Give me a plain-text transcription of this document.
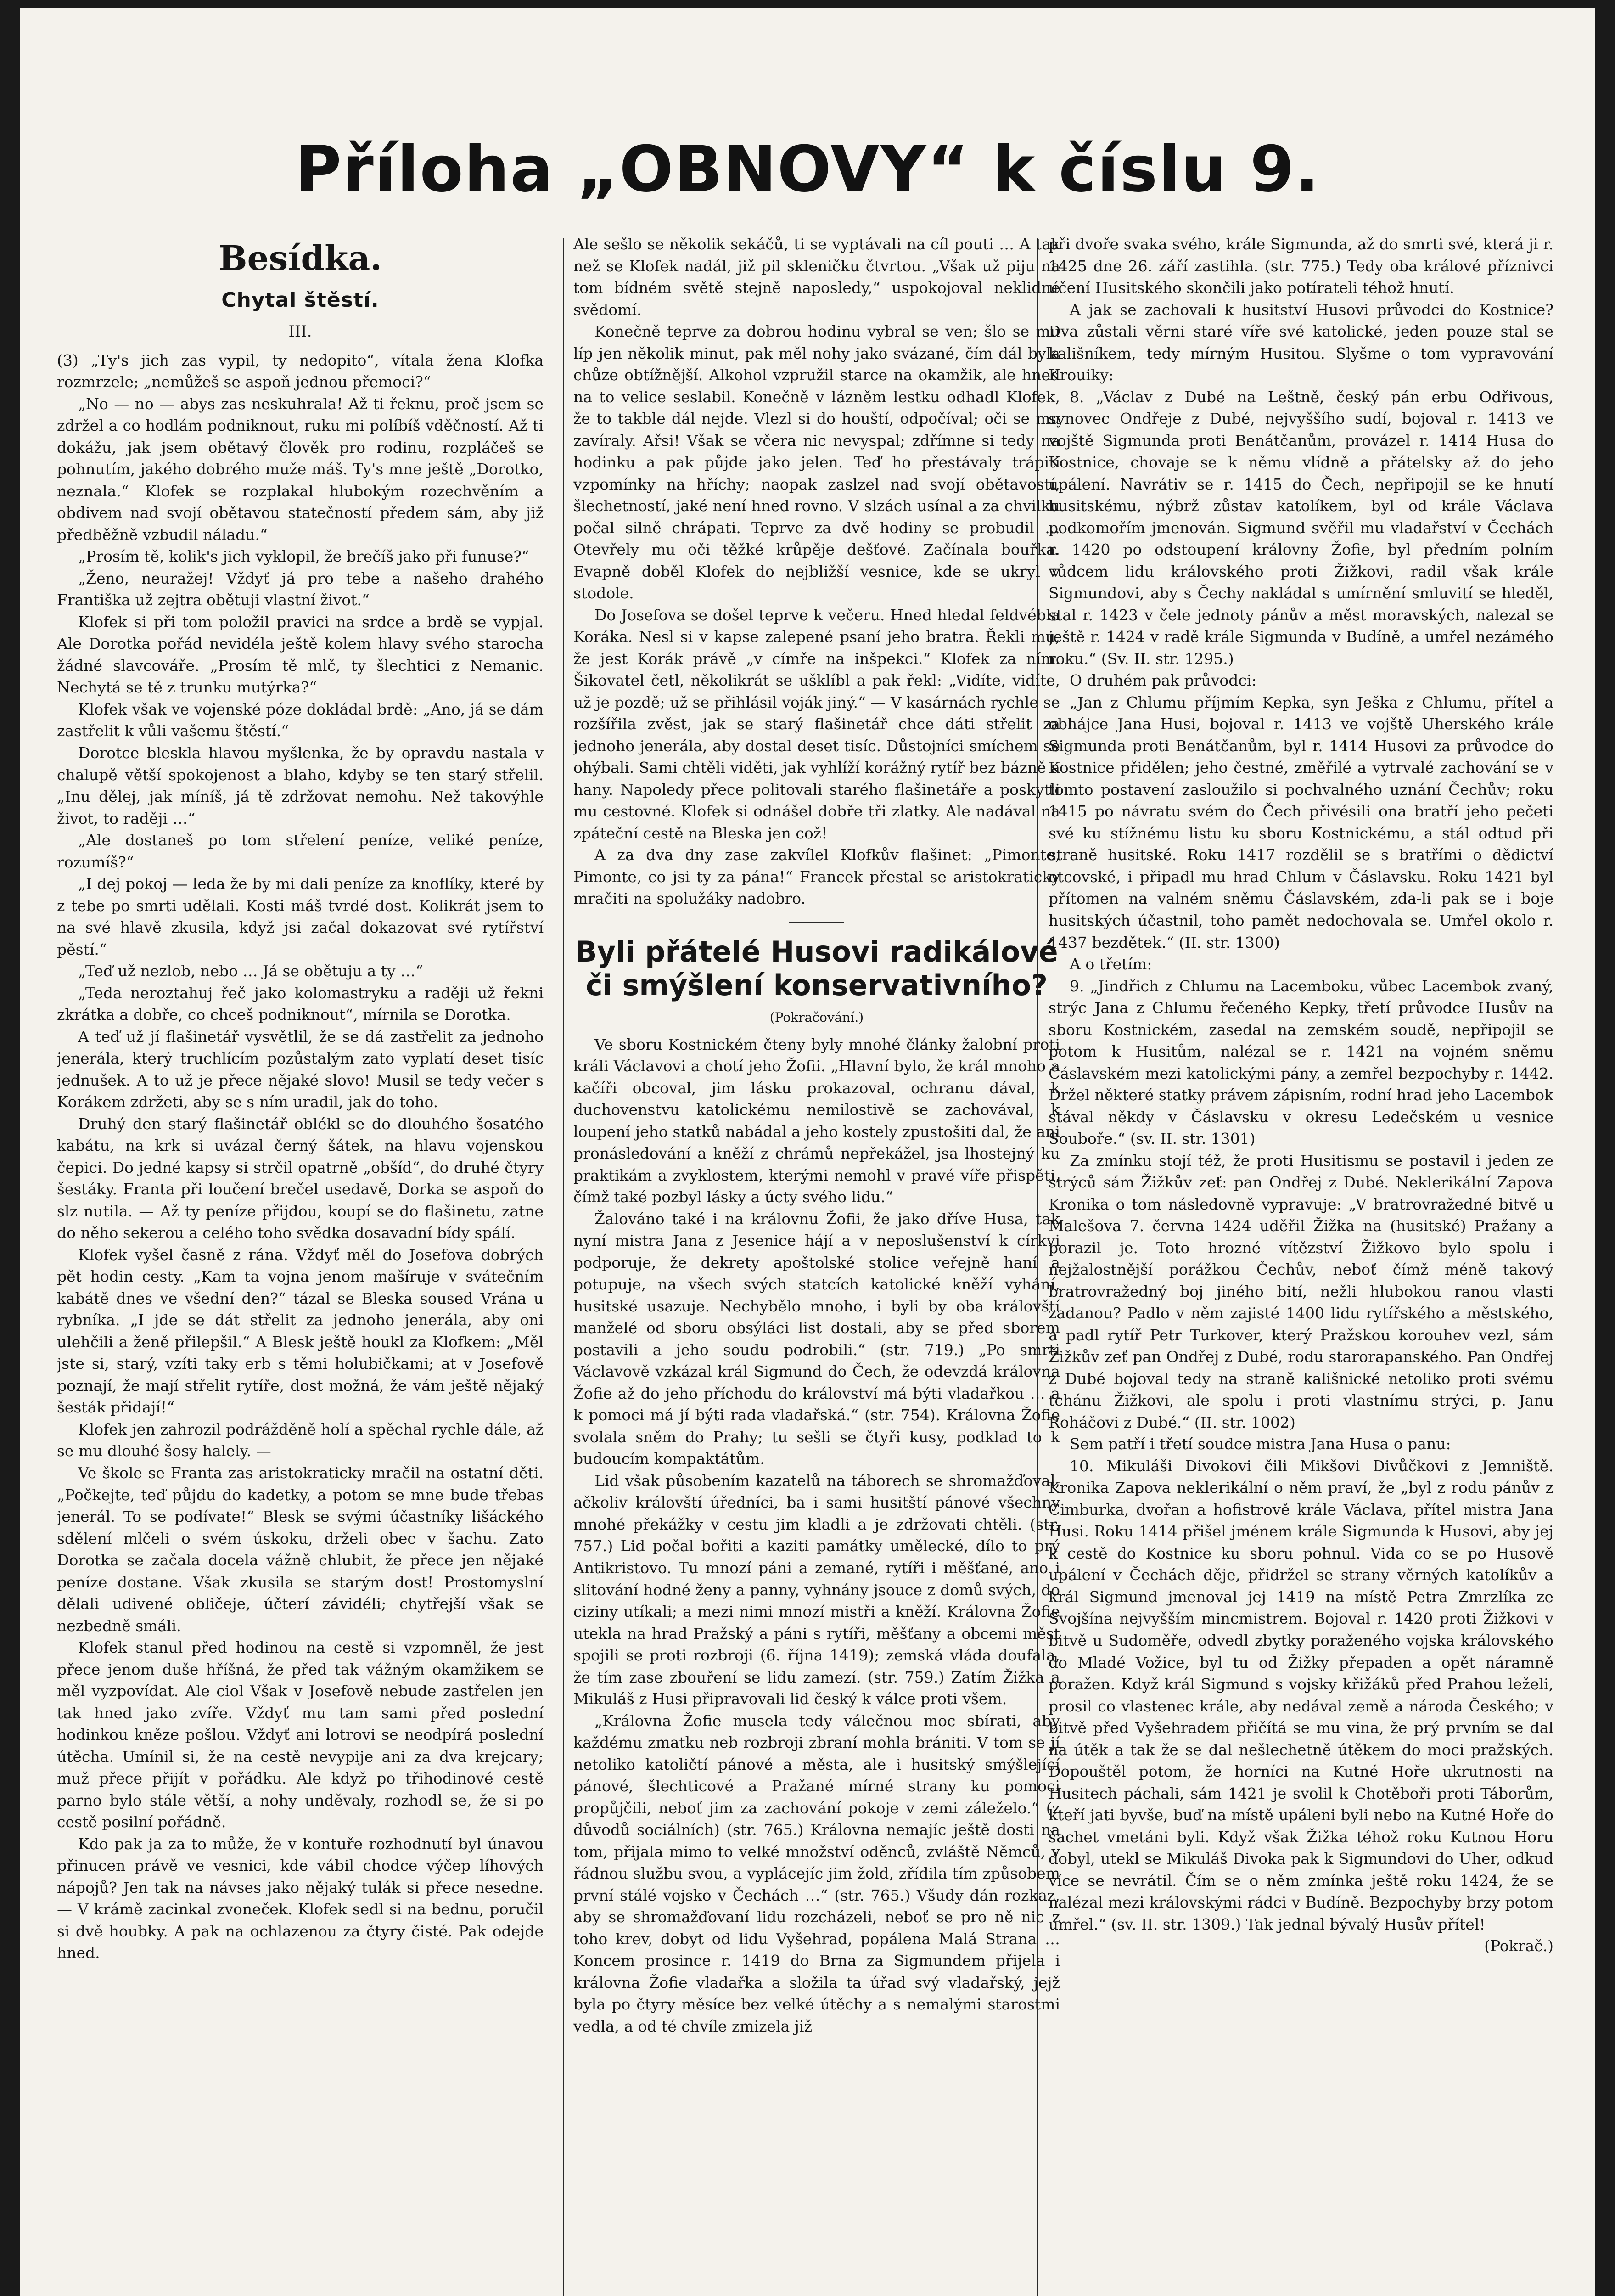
Příloha „OBNOVY“ k číslu 9.
Besídka.
Chytal štěstí.
III.

(3) „Ty's jich zas vypil, ty nedopito“, vítala žena Klofka rozmrzele; „nemůžeš se aspoň jednou přemoci?“

„No — no — abys zas neskuhrala! Až ti řeknu, proč jsem se zdržel a co hodlám podniknout, ruku mi políbíš vděčností. Až ti dokážu, jak jsem obětavý člověk pro rodinu, rozpláčeš se pohnutím, jakého dobrého muže máš. Ty's mne ještě „Dorotko, neznala.“ Klofek se rozplakal hlubokým rozechvěním a obdivem nad svojí obětavou statečností předem sám, aby již předběžně vzbudil náladu.“

„Prosím tě, kolik's jich vyklopil, že brečíš jako při funuse?“

„Ženo, neuražej! Vždyť já pro tebe a našeho drahého Františka už zejtra obětuji vlastní život.“

Klofek si při tom položil pravici na srdce a brdě se vypjal. Ale Dorotka pořád nevidéla ještě kolem hlavy svého starocha žádné slavcováře. „Prosím tě mlč, ty šlechtici z Nemanic. Nechytá se tě z trunku mutýrka?“

Klofek však ve vojenské póze dokládal brdě: „Ano, já se dám zastřelit k vůli vašemu štěstí.“

Dorotce bleskla hlavou myšlenka, že by opravdu nastala v chalupě větší spokojenost a blaho, kdyby se ten starý střelil. „Inu dělej, jak míníš, já tě zdržovat nemohu. Než takovýhle život, to raději …“

„Ale dostaneš po tom střelení peníze, veliké peníze, rozumíš?“

„I dej pokoj — leda že by mi dali peníze za knoflíky, které by z tebe po smrti udělali. Kosti máš tvrdé dost. Kolikrát jsem to na své hlavě zkusila, když jsi začal dokazovat své rytířství pěstí.“

„Teď už nezlob, nebo … Já se obětuju a ty …“

„Teda neroztahuj řeč jako kolomastryku a raději už řekni zkrátka a dobře, co chceš podniknout“, mírnila se Dorotka.

A teď už jí flašinetář vysvětlil, že se dá zastřelit za jednoho jenerála, který truchlícím pozůstalým zato vyplatí deset tisíc jednušek. A to už je přece nějaké slovo! Musil se tedy večer s Korákem zdržeti, aby se s ním uradil, jak do toho.

Druhý den starý flašinetář oblékl se do dlouhého šosatého kabátu, na krk si uvázal černý šátek, na hlavu vojenskou čepici. Do jedné kapsy si strčil opatrně „obšíd“, do druhé čtyry šestáky. Franta při loučení brečel usedavě, Dorka se aspoň do slz nutila. — Až ty peníze přijdou, koupí se do flašinetu, zatne do něho sekerou a celého toho svědka dosavadní bídy spálí.

Klofek vyšel časně z rána. Vždyť měl do Josefova dobrých pět hodin cesty. „Kam ta vojna jenom mašíruje v svátečním kabátě dnes ve všední den?“ tázal se Bleska soused Vrána u rybníka. „I jde se dát střelit za jednoho jenerála, aby oni ulehčili a ženě přilepšil.“ A Blesk ještě houkl za Klofkem: „Měl jste si, starý, vzíti taky erb s těmi holubičkami; at v Josefově poznají, že mají střelit rytíře, dost možná, že vám ještě nějaký šesták přidají!“

Klofek jen zahrozil podrážděně holí a spěchal rychle dále, až se mu dlouhé šosy halely. —

Ve škole se Franta zas aristokraticky mračil na ostatní děti. „Počkejte, teď půjdu do kadetky, a potom se mne bude třebas jenerál. To se podívate!“ Blesk se svými účastníky lišáckého sdělení mlčeli o svém úskoku, drželi obec v šachu. Zato Dorotka se začala docela vážně chlubit, že přece jen nějaké peníze dostane. Však zkusila se starým dost! Prostomyslní dělali udivené obličeje, účterí závidéli; chytřejší však se nezbedně smáli.

Klofek stanul před hodinou na cestě si vzpomněl, že jest přece jenom duše hříšná, že před tak vážným okamžikem se měl vyzpovídat. Ale ciol Však v Josefově nebude zastřelen jen tak hned jako zvíře. Vždyť mu tam sami před poslední hodinkou kněze pošlou. Vždyť ani lotrovi se neodpírá poslední útěcha. Umínil si, že na cestě nevypije ani za dva krejcary; muž přece přijít v pořádku. Ale když po třihodinové cestě parno bylo stále větší, a nohy unděvaly, rozhodl se, že si po cestě posilní pořádně.

Kdo pak ja za to může, že v kontuře rozhodnutí byl únavou přinucen právě ve vesnici, kde vábil chodce výčep líhových nápojů? Jen tak na návses jako nějaký tulák si přece nesedne. — V krámě zacinkal zvoneček. Klofek sedl si na bednu, poručil si dvě houbky. A pak na ochlazenou za čtyry čisté. Pak odejde hned.

Ale sešlo se několik sekáčů, ti se vyptávali na cíl pouti … A tak než se Klofek nadál, již pil skleničku čtvrtou. „Však už piju na tom bídném světě stejně naposledy,“ uspokojoval neklidné svědomí.

Konečně teprve za dobrou hodinu vybral se ven; šlo se mu líp jen několik minut, pak měl nohy jako svázané, čím dál byla chůze obtížnější. Alkohol vzpružil starce na okamžik, ale hned na to velice seslabil. Konečně v lázněm lestku odhadl Klofek, že to takble dál nejde. Vlezl si do houští, odpočíval; oči se mu zavíraly. Ařsi! Však se včera nic nevyspal; zdřímne si tedy na hodinku a pak půjde jako jelen. Teď ho přestávaly trápiti vzpomínky na hříchy; naopak zaslzel nad svojí obětavostí, šlechetností, jaké není hned rovno. V slzách usínal a za chvilku počal silně chrápati. Teprve za dvě hodiny se probudil … Otevřely mu oči těžké krůpěje dešťové. Začínala bouřka. Evapně doběl Klofek do nejbližší vesnice, kde se ukryl v stodole.

Do Josefova se došel teprve k večeru. Hned hledal feldvébla Koráka. Nesl si v kapse zalepené psaní jeho bratra. Řekli mu, že jest Korák právě „v címře na inšpekci.“ Klofek za ním. Šikovatel četl, několikrát se ušklíbl a pak řekl: „Vidíte, vidíte, už je pozdě; už se přihlásil voják jiný.“ — V kasárnách rychle se rozšířila zvěst, jak se starý flašinetář chce dáti střelit za jednoho jenerála, aby dostal deset tisíc. Důstojníci smíchem se ohýbali. Sami chtěli viděti, jak vyhlíží korážný rytíř bez bázně a hany. Napoledy přece politovali starého flašinetáře a poskytli mu cestovné. Klofek si odnášel dobře tři zlatky. Ale nadával na zpáteční cestě na Bleska jen což!

A za dva dny zase zakvílel Klofkův flašinet: „Pimonte, Pimonte, co jsi ty za pána!“ Francek přestal se aristokraticky mračiti na spolužáky nadobro.

Byli přátelé Husovi radikálové či smýšlení konservativního?
(Pokračování.)

Ve sboru Kostnickém čteny byly mnohé články žalobní proti králi Václavovi a chotí jeho Žofii. „Hlavní bylo, že král mnoho a kačíři obcoval, jim lásku prokazoval, ochranu dával, k duchovenstvu katolickému nemilostivě se zachovával, k loupení jeho statků nabádal a jeho kostely zpustošiti dal, že ani pronásledování a kněží z chrámů nepřekážel, jsa lhostejný ku praktikám a zvyklostem, kterými nemohl v pravé víře přispěti, čímž také pozbyl lásky a úcty svého lidu.“

Žalováno také i na královnu Žofii, že jako dříve Husa, tak nyní mistra Jana z Jesenice hájí a v neposlušenství k církvi podporuje, že dekrety apoštolské stolice veřejně haní a potupuje, na všech svých statcích katolické kněží vyhání, husitské usazuje. Nechybělo mnoho, i byli by oba královští manželé od sboru obsýláci list dostali, aby se před sborem postavili a jeho soudu podrobili.“ (str. 719.) „Po smrti Václavově vzkázal král Sigmund do Čech, že odevzdá královna Žofie až do jeho příchodu do království má býti vladařkou … a k pomoci má jí býti rada vladařská.“ (str. 754). Královna Žofie svolala sněm do Prahy; tu sešli se čtyři kusy, podklad to k budoucím kompaktátům.

Lid však působením kazatelů na táborech se shromažďoval, ačkoliv královští úředníci, ba i sami husitští pánové všechny mnohé překážky v cestu jim kladli a je zdržovati chtěli. (str. 757.) Lid počal bořiti a kaziti památky umělecké, dílo to prý Antikristovo. Tu mnozí páni a zemané, rytíři i měšťané, ano i slitování hodné ženy a panny, vyhnány jsouce z domů svých, do ciziny utíkali; a mezi nimi mnozí mistři a kněží. Královna Žofie utekla na hrad Pražský a páni s rytíři, měšťany a obcemi měst spojili se proti rozbroji (6. října 1419); zemská vláda doufala, že tím zase zbouření se lidu zamezí. (str. 759.) Zatím Žižka a Mikuláš z Husi připravovali lid český k válce proti všem.

„Královna Žofie musela tedy válečnou moc sbírati, aby každému zmatku neb rozbroji zbraní mohla brániti. V tom se jí netoliko katoličtí pánové a města, ale i husitský smýšlející pánové, šlechticové a Pražané mírné strany ku pomoci propůjčili, neboť jim za zachování pokoje v zemi záleželo.“ (z důvodů sociálních) (str. 765.) Královna nemajíc ještě dosti na tom, přijala mimo to velké množství oděnců, zvláště Němců, v řádnou službu svou, a vyplácejíc jim žold, zřídila tím způsobem první stálé vojsko v Čechách …“ (str. 765.) Všudy dán rozkaz, aby se shromažďovaní lidu rozcházeli, neboť se pro ně nic z toho krev, dobyt od lidu Vyšehrad, popálena Malá Strana … Koncem prosince r. 1419 do Brna za Sigmundem přijela i královna Žofie vladařka a složila ta úřad svý vladařský, jejž byla po čtyry měsíce bez velké útěchy a s nemalými starostmi vedla, a od té chvíle zmizela již

při dvoře svaka svého, krále Sigmunda, až do smrti své, která ji r. 1425 dne 26. září zastihla. (str. 775.) Tedy oba králové příznivci učení Husitského skončili jako potírateli téhož hnutí.

A jak se zachovali k husitství Husovi průvodci do Kostnice? Dva zůstali věrni staré víře své katolické, jeden pouze stal se kališníkem, tedy mírným Husitou. Slyšme o tom vypravování Krouiky:

8. „Václav z Dubé na Leštně, český pán erbu Odřivous, synovec Ondřeje z Dubé, nejvyššího sudí, bojoval r. 1413 ve vojště Sigmunda proti Benátčanům, provázel r. 1414 Husa do Kostnice, chovaje se k němu vlídně a přátelsky až do jeho upálení. Navrátiv se r. 1415 do Čech, nepřipojil se ke hnutí husitskému, nýbrž zůstav katolíkem, byl od krále Václava podkomořím jmenován. Sigmund svěřil mu vladařství v Čechách r. 1420 po odstoupení královny Žofie, byl předním polním vůdcem lidu královského proti Žižkovi, radil však krále Sigmundovi, aby s Čechy nakládal s umírnění smluvití se hleděl, stal r. 1423 v čele jednoty pánův a měst moravských, nalezal se ještě r. 1424 v radě krále Sigmunda v Budíně, a umřel nezámého roku.“ (Sv. II. str. 1295.)

O druhém pak průvodci:

„Jan z Chlumu příjmím Kepka, syn Ješka z Chlumu, přítel a obhájce Jana Husi, bojoval r. 1413 ve vojště Uherského krále Sigmunda proti Benátčanům, byl r. 1414 Husovi za průvodce do Kostnice přidělen; jeho čestné, změřilé a vytrvalé zachování se v tomto postavení zasloužilo si pochvalného uznání Čechův; roku 1415 po návratu svém do Čech přivésili ona bratří jeho pečeti své ku stížnému listu ku sboru Kostnickému, a stál odtud při straně husitské. Roku 1417 rozdělil se s bratřími o dědictví otcovské, i připadl mu hrad Chlum v Čáslavsku. Roku 1421 byl přítomen na valném sněmu Čáslavském, zda-li pak se i boje husitských účastnil, toho pamět nedochovala se. Umřel okolo r. 1437 bezdětek.“ (II. str. 1300)

A o třetím:

9. „Jindřich z Chlumu na Lacemboku, vůbec Lacembok zvaný, strýc Jana z Chlumu řečeného Kepky, třetí průvodce Husův na sboru Kostnickém, zasedal na zemském soudě, nepřipojil se potom k Husitům, nalézal se r. 1421 na vojném sněmu Čáslavském mezi katolickými pány, a zemřel bezpochyby r. 1442. Držel některé statky právem zápisním, rodní hrad jeho Lacembok stával někdy v Čáslavsku v okresu Ledečském u vesnice Souboře.“ (sv. II. str. 1301)

Za zmínku stojí též, že proti Husitismu se postavil i jeden ze strýců sám Žižkův zeť: pan Ondřej z Dubé. Neklerikální Zapova Kronika o tom následovně vypravuje: „V bratrovražedné bitvě u Malešova 7. června 1424 uděřil Žižka na (husitské) Pražany a porazil je. Toto hrozné vítězství Žižkovo bylo spolu i nejžalostnější porážkou Čechův, neboť čímž méně takový bratrovražedný boj jiného bití, nežli hlubokou ranou vlasti zadanou? Padlo v něm zajisté 1400 lidu rytířského a městského, a padl rytíř Petr Turkover, který Pražskou korouhev vezl, sám Žižkův zeť pan Ondřej z Dubé, rodu starorapanského. Pan Ondřej z Dubé bojoval tedy na straně kališnické netoliko proti svému tchánu Žižkovi, ale spolu i proti vlastnímu strýci, p. Janu Roháčovi z Dubé.“ (II. str. 1002)

Sem patří i třetí soudce mistra Jana Husa o panu:

10. Mikuláši Divokovi čili Mikšovi Divůčkovi z Jemniště. Kronika Zapova neklerikální o něm praví, že „byl z rodu pánův z Cimburka, dvořan a hofistrově krále Václava, přítel mistra Jana Husi. Roku 1414 přišel jménem krále Sigmunda k Husovi, aby jej k cestě do Kostnice ku sboru pohnul. Vida co se po Husově upálení v Čechách děje, přidržel se strany věrných katolíkův a král Sigmund jmenoval jej 1419 na místě Petra Zmrzlíka ze Svojšína nejvyšším mincmistrem. Bojoval r. 1420 proti Žižkovi v bitvě u Sudoměře, odvedl zbytky poraženého vojska královského do Mladé Vožice, byl tu od Žižky přepaden a opět náramně poražen. Když král Sigmund s vojsky křižáků před Prahou leželi, prosil co vlastenec krále, aby nedával země a národa Českého; v bitvě před Vyšehradem přičítá se mu vina, že prý prvním se dal na útěk a tak že se dal nešlechetně útěkem do moci pražských. Dopouštěl potom, že horníci na Kutné Hoře ukrutnosti na Husitech páchali, sám 1421 je svolil k Chotěboři proti Táborům, kteří jati byvše, buď na místě upáleni byli nebo na Kutné Hoře do šachet vmetáni byli. Když však Žižka téhož roku Kutnou Horu dobyl, utekl se Mikuláš Divoka pak k Sigmundovi do Uher, odkud více se nevrátil. Čím se o něm zmínka ještě roku 1424, že se nalézal mezi královskými rádci v Budíně. Bezpochyby brzy potom umřel.“ (sv. II. str. 1309.) Tak jednal bývalý Husův přítel!

(Pokrač.)
